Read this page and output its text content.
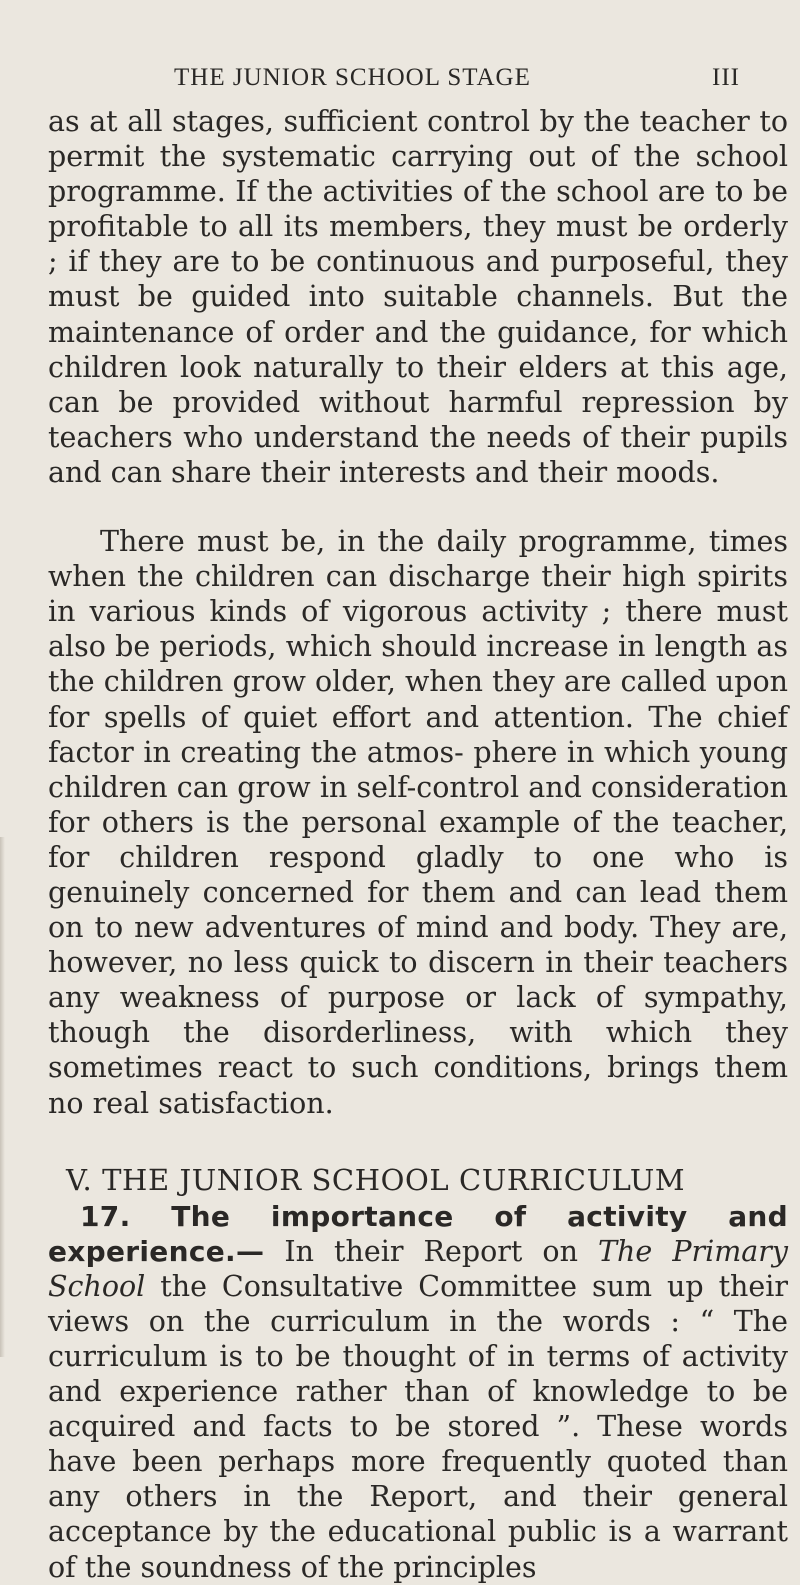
THE JUNIOR SCHOOL STAGE	III

as at all stages, sufficient control by the teacher to permit the systematic carrying out of the school programme. If the activities of the school are to be profitable to all its members, they must be orderly ; if they are to be continuous and purposeful, they must be guided into suitable channels. But the maintenance of order and the guidance, for which children look naturally to their elders at this age, can be provided without harmful repression by teachers who understand the needs of their pupils and can share their interests and their moods.

There must be, in the daily programme, times when the children can discharge their high spirits in various kinds of vigorous activity ; there must also be periods, which should increase in length as the children grow older, when they are called upon for spells of quiet effort and attention. The chief factor in creating the atmos- phere in which young children can grow in self-control and consideration for others is the personal example of the teacher, for children respond gladly to one who is genuinely concerned for them and can lead them on to new adventures of mind and body. They are, however, no less quick to discern in their teachers any weakness of purpose or lack of sympathy, though the disorderliness, with which they sometimes react to such conditions, brings them no real satisfaction.

V. THE JUNIOR SCHOOL CURRICULUM

17. The importance of activity and experience.— In their Report on The Primary School the Consultative Committee sum up their views on the curriculum in the words : “ The curriculum is to be thought of in terms of activity and experience rather than of knowledge to be acquired and facts to be stored ”. These words have been perhaps more frequently quoted than any others in the Report, and their general acceptance by the educational public is a warrant of the soundness of the principles
